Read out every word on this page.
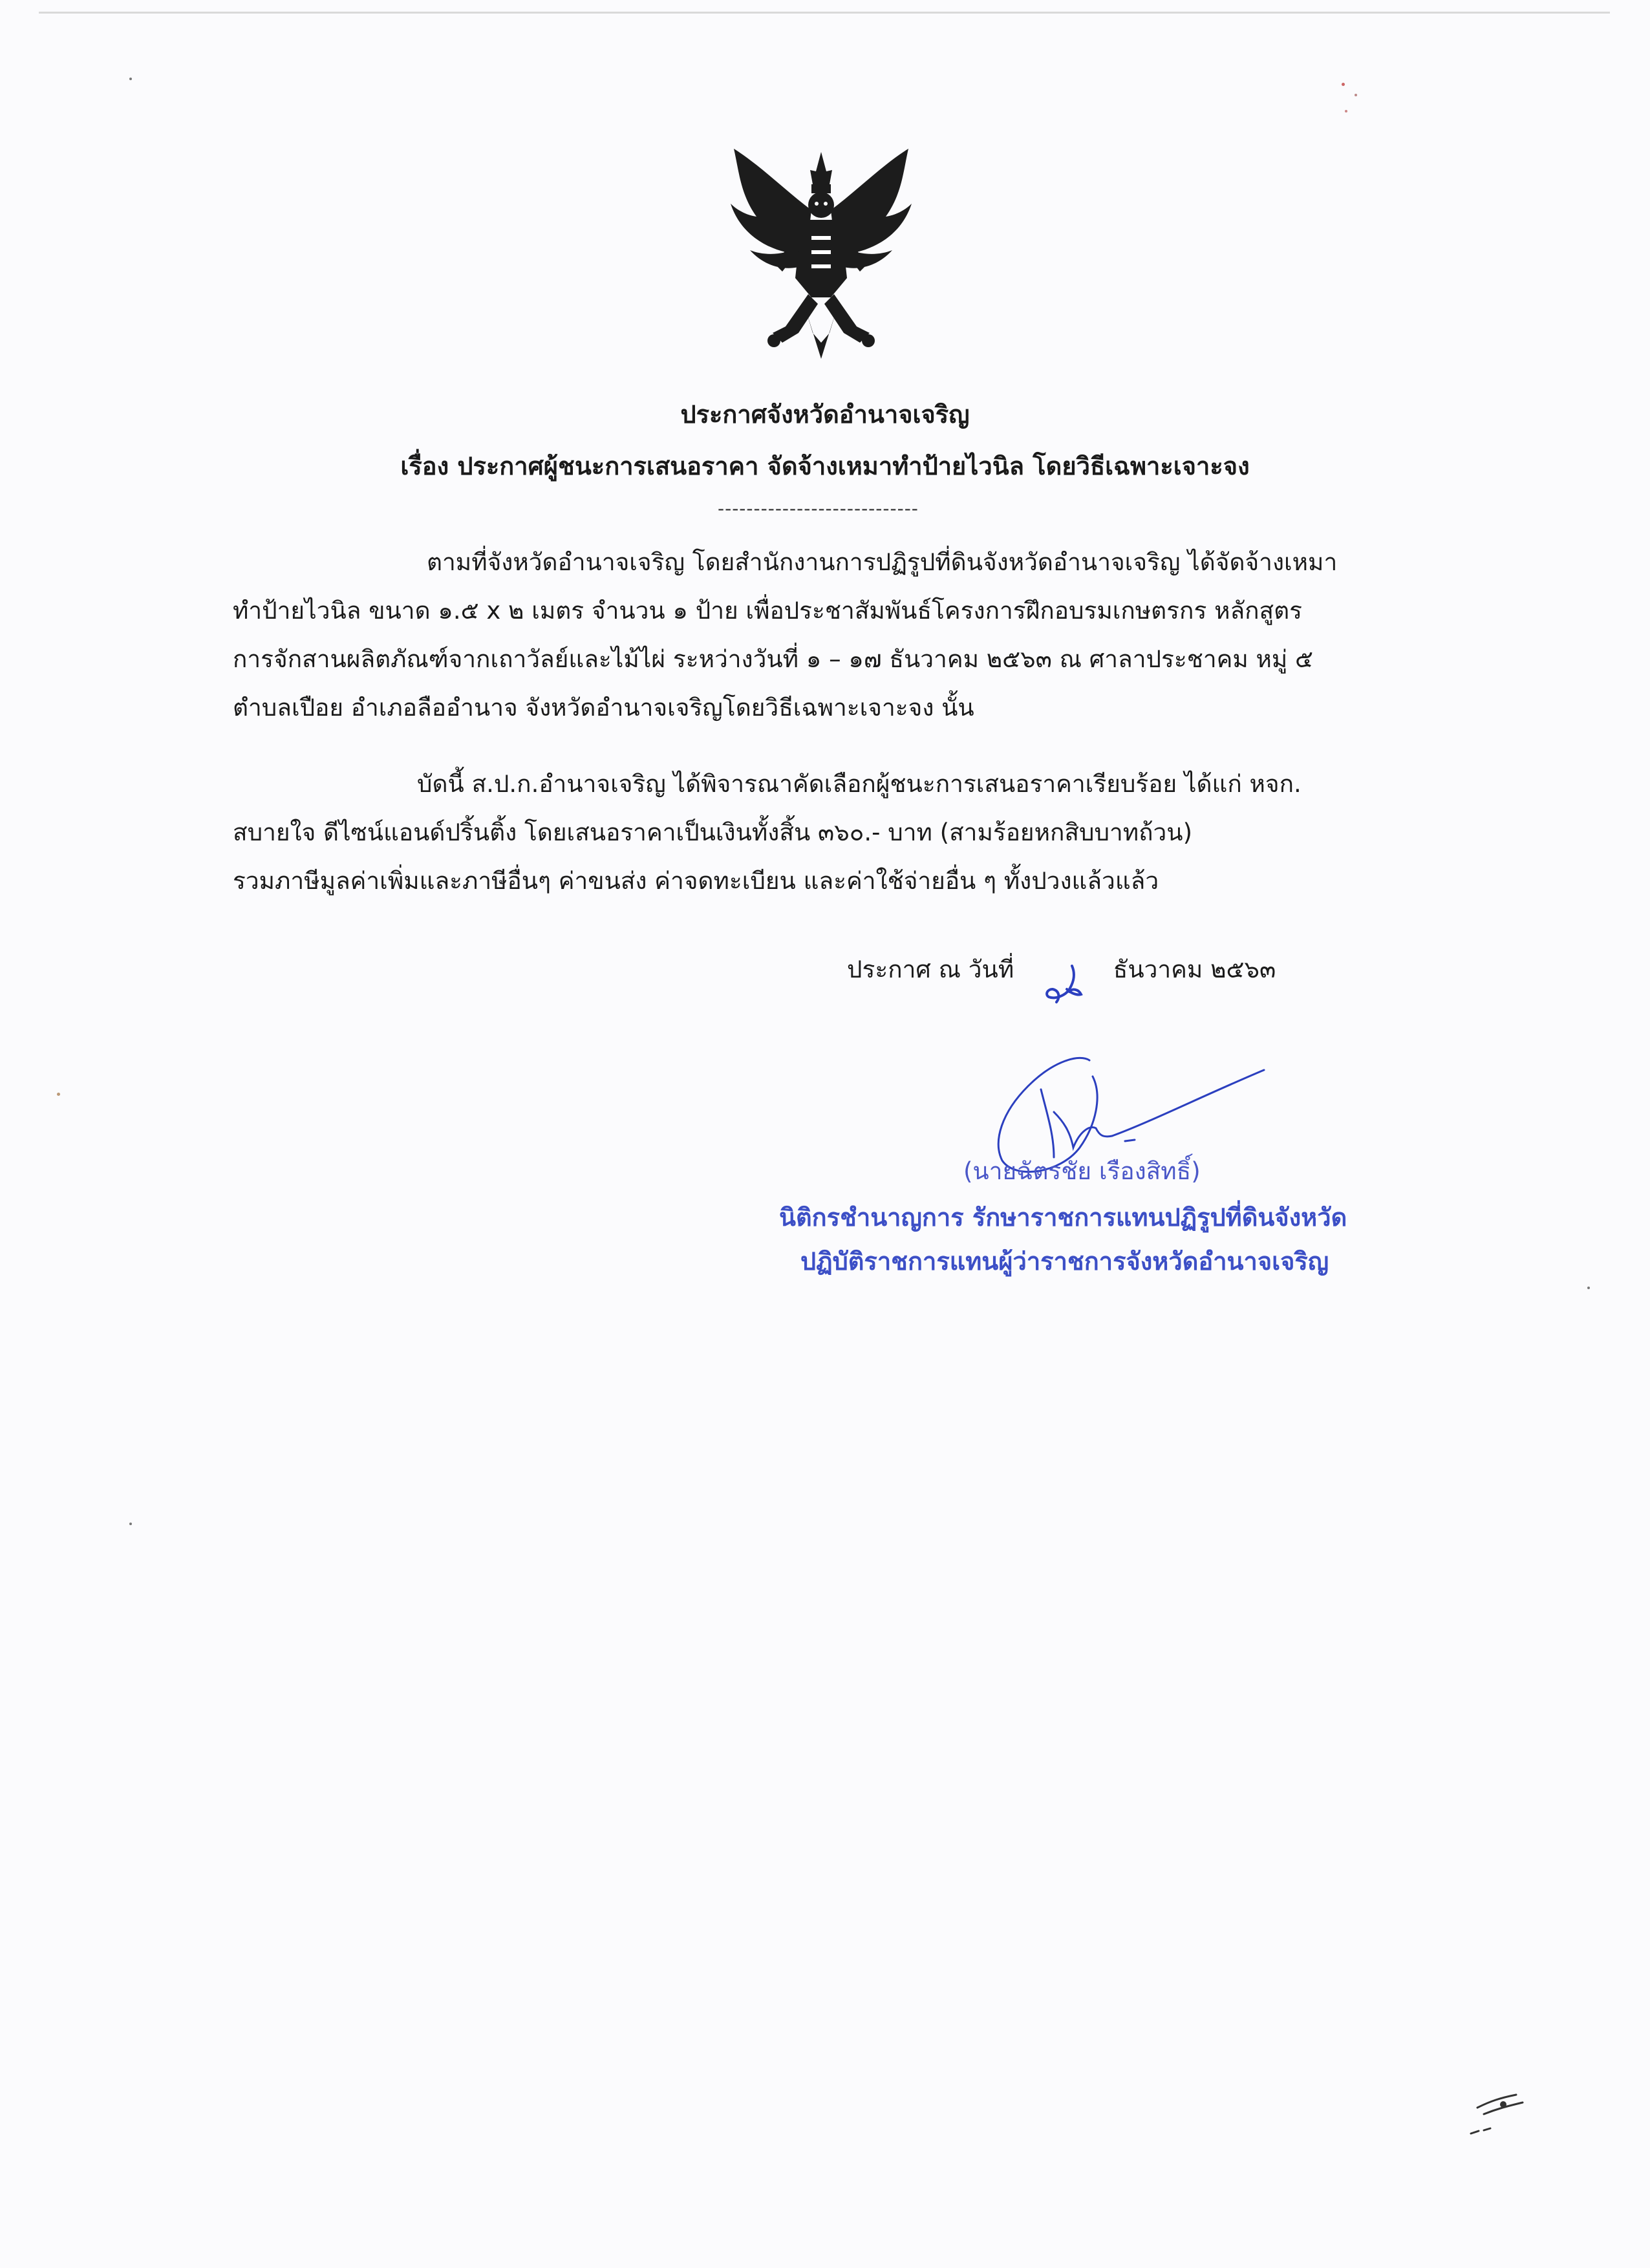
ประกาศจังหวัดอำนาจเจริญ
เรื่อง ประกาศผู้ชนะการเสนอราคา จัดจ้างเหมาทำป้ายไวนิล โดยวิธีเฉพาะเจาะจง
----------------------------
ตามที่จังหวัดอำนาจเจริญ โดยสำนักงานการปฏิรูปที่ดินจังหวัดอำนาจเจริญ ได้จัดจ้างเหมา
ทำป้ายไวนิล ขนาด ๑.๕ x ๒ เมตร จำนวน ๑ ป้าย เพื่อประชาสัมพันธ์โครงการฝึกอบรมเกษตรกร หลักสูตร
การจักสานผลิตภัณฑ์จากเถาวัลย์และไม้ไผ่ ระหว่างวันที่ ๑ – ๑๗ ธันวาคม ๒๕๖๓ ณ ศาลาประชาคม หมู่ ๕
ตำบลเปือย อำเภอลืออำนาจ จังหวัดอำนาจเจริญโดยวิธีเฉพาะเจาะจง นั้น
บัดนี้ ส.ป.ก.อำนาจเจริญ ได้พิจารณาคัดเลือกผู้ชนะการเสนอราคาเรียบร้อย ได้แก่ หจก.
สบายใจ ดีไซน์แอนด์ปริ้นติ้ง โดยเสนอราคาเป็นเงินทั้งสิ้น ๓๖๐.- บาท (สามร้อยหกสิบบาทถ้วน)
รวมภาษีมูลค่าเพิ่มและภาษีอื่นๆ ค่าขนส่ง ค่าจดทะเบียน และค่าใช้จ่ายอื่น ๆ ทั้งปวงแล้วแล้ว
ประกาศ ณ วันที่	ธันวาคม ๒๕๖๓
(นายฉัตรชัย เรืองสิทธิ์)
นิติกรชำนาญการ รักษาราชการแทนปฏิรูปที่ดินจังหวัด
ปฏิบัติราชการแทนผู้ว่าราชการจังหวัดอำนาจเจริญ
